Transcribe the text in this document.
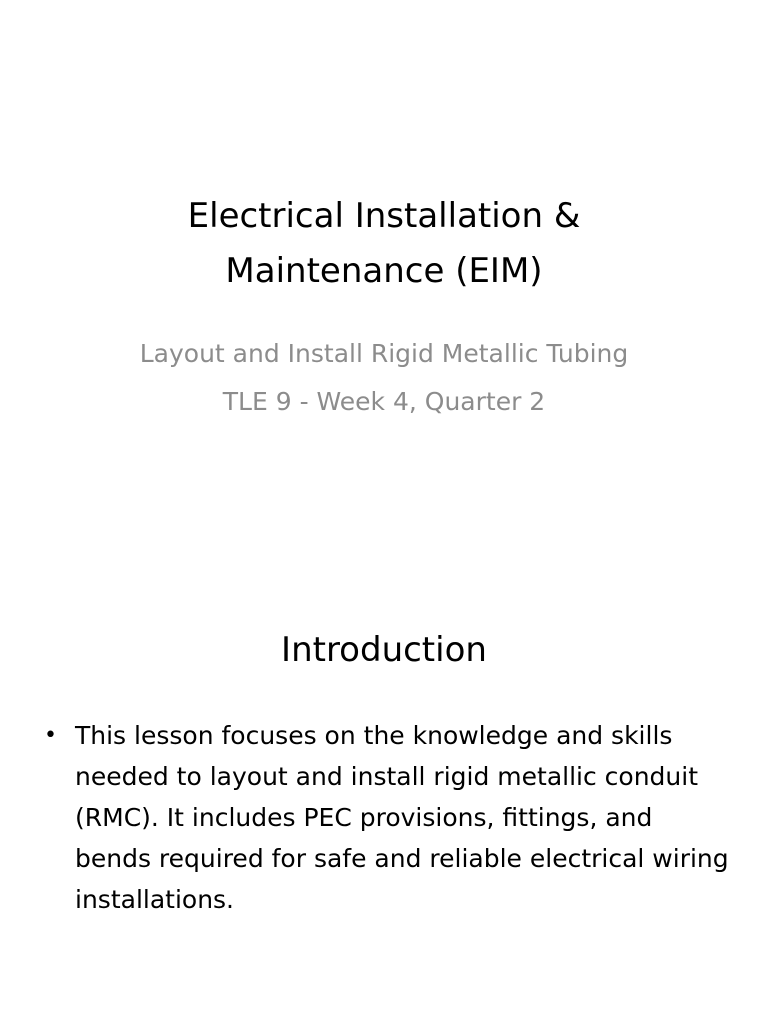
Electrical Installation & Maintenance (EIM)

Layout and Install Rigid Metallic Tubing

TLE 9 - Week 4, Quarter 2

Introduction
• This lesson focuses on the knowledge and skills needed to layout and install rigid metallic conduit (RMC). It includes PEC provisions, fittings, and bends required for safe and reliable electrical wiring installations.
